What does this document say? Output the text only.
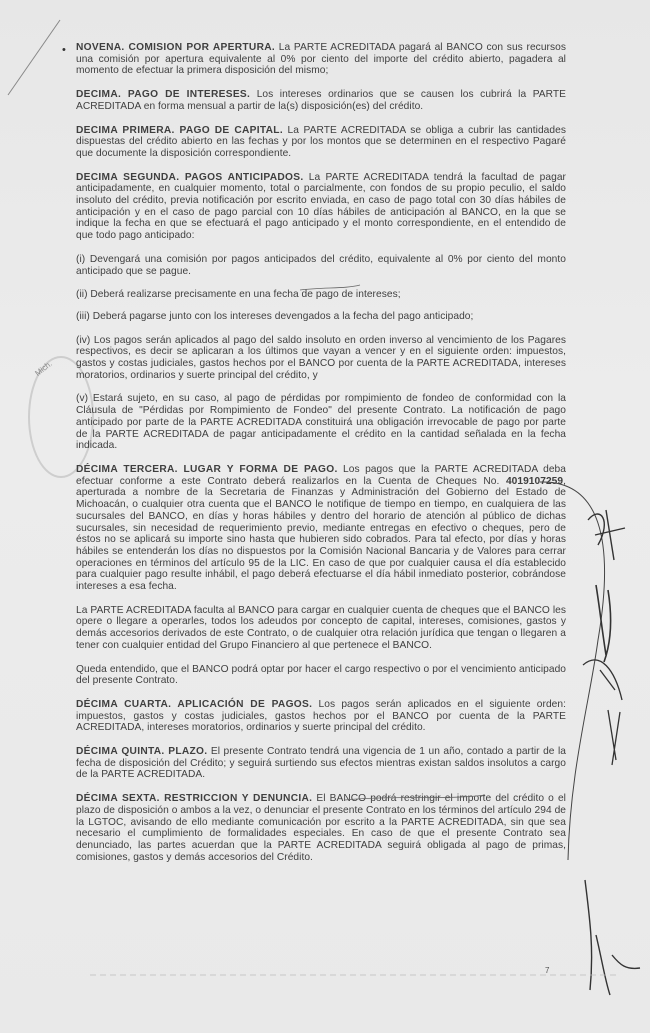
•
Mich.

NOVENA. COMISION POR APERTURA. La PARTE ACREDITADA pagará al BANCO con sus recursos una comisión por apertura equivalente al 0% por ciento del importe del crédito abierto, pagadera al momento de efectuar la primera disposición del mismo;

DECIMA. PAGO DE INTERESES. Los intereses ordinarios que se causen los cubrirá la PARTE ACREDITADA en forma mensual a partir de la(s) disposición(es) del crédito.

DECIMA PRIMERA. PAGO DE CAPITAL. La PARTE ACREDITADA se obliga a cubrir las cantidades dispuestas del crédito abierto en las fechas y por los montos que se determinen en el respectivo Pagaré que documente la disposición correspondiente.

DECIMA SEGUNDA. PAGOS ANTICIPADOS. La PARTE ACREDITADA tendrá la facultad de pagar anticipadamente, en cualquier momento, total o parcialmente, con fondos de su propio peculio, el saldo insoluto del crédito, previa notificación por escrito enviada, en caso de pago total con 30 días hábiles de anticipación y en el caso de pago parcial con 10 días hábiles de anticipación al BANCO, en la que se indique la fecha en que se efectuará el pago anticipado y el monto correspondiente, en el entendido de que todo pago anticipado:

(i) Devengará una comisión por pagos anticipados del crédito, equivalente al 0% por ciento del monto anticipado que se pague.

(ii) Deberá realizarse precisamente en una fecha de pago de intereses;

(iii) Deberá pagarse junto con los intereses devengados a la fecha del pago anticipado;

(iv) Los pagos serán aplicados al pago del saldo insoluto en orden inverso al vencimiento de los Pagares respectivos, es decir se aplicaran a los últimos que vayan a vencer y en el siguiente orden: impuestos, gastos y costas judiciales, gastos hechos por el BANCO por cuenta de la PARTE ACREDITADA, intereses moratorios, ordinarios y suerte principal del crédito, y

(v) Estará sujeto, en su caso, al pago de pérdidas por rompimiento de fondeo de conformidad con la Cláusula de "Pérdidas por Rompimiento de Fondeo" del presente Contrato. La notificación de pago anticipado por parte de la PARTE ACREDITADA constituirá una obligación irrevocable de pago por parte de la PARTE ACREDITADA de pagar anticipadamente el crédito en la cantidad señalada en la fecha indicada.

DÉCIMA TERCERA. LUGAR Y FORMA DE PAGO. Los pagos que la PARTE ACREDITADA deba efectuar conforme a este Contrato deberá realizarlos en la Cuenta de Cheques No. 4019107259, aperturada a nombre de la Secretaria de Finanzas y Administración del Gobierno del Estado de Michoacán, o cualquier otra cuenta que el BANCO le notifique de tiempo en tiempo, en cualquiera de las sucursales del BANCO, en días y horas hábiles y dentro del horario de atención al público de dichas sucursales, sin necesidad de requerimiento previo, mediante entregas en efectivo o cheques, pero de éstos no se aplicará su importe sino hasta que hubieren sido cobrados. Para tal efecto, por días y horas hábiles se entenderán los días no dispuestos por la Comisión Nacional Bancaria y de Valores para cerrar operaciones en términos del artículo 95 de la LIC. En caso de que por cualquier causa el día establecido para cualquier pago resulte inhábil, el pago deberá efectuarse el día hábil inmediato posterior, cobrándose intereses a esa fecha.

La PARTE ACREDITADA faculta al BANCO para cargar en cualquier cuenta de cheques que el BANCO les opere o llegare a operarles, todos los adeudos por concepto de capital, intereses, comisiones, gastos y demás accesorios derivados de este Contrato, o de cualquier otra relación jurídica que tengan o llegaren a tener con cualquier entidad del Grupo Financiero al que pertenece el BANCO.

Queda entendido, que el BANCO podrá optar por hacer el cargo respectivo o por el vencimiento anticipado del presente Contrato.

DÉCIMA CUARTA. APLICACIÓN DE PAGOS. Los pagos serán aplicados en el siguiente orden: impuestos, gastos y costas judiciales, gastos hechos por el BANCO por cuenta de la PARTE ACREDITADA, intereses moratorios, ordinarios y suerte principal del crédito.

DÉCIMA QUINTA. PLAZO. El presente Contrato tendrá una vigencia de 1 un año, contado a partir de la fecha de disposición del Crédito; y seguirá surtiendo sus efectos mientras existan saldos insolutos a cargo de la PARTE ACREDITADA.

DÉCIMA SEXTA. RESTRICCION Y DENUNCIA. El BANCO podrá restringir el importe del crédito o el plazo de disposición o ambos a la vez, o denunciar el presente Contrato en los términos del artículo 294 de la LGTOC, avisando de ello mediante comunicación por escrito a la PARTE ACREDITADA, sin que sea necesario el cumplimiento de formalidades especiales. En caso de que el presente Contrato sea denunciado, las partes acuerdan que la PARTE ACREDITADA seguirá obligada al pago de primas, comisiones, gastos y demás accesorios del Crédito.

7
